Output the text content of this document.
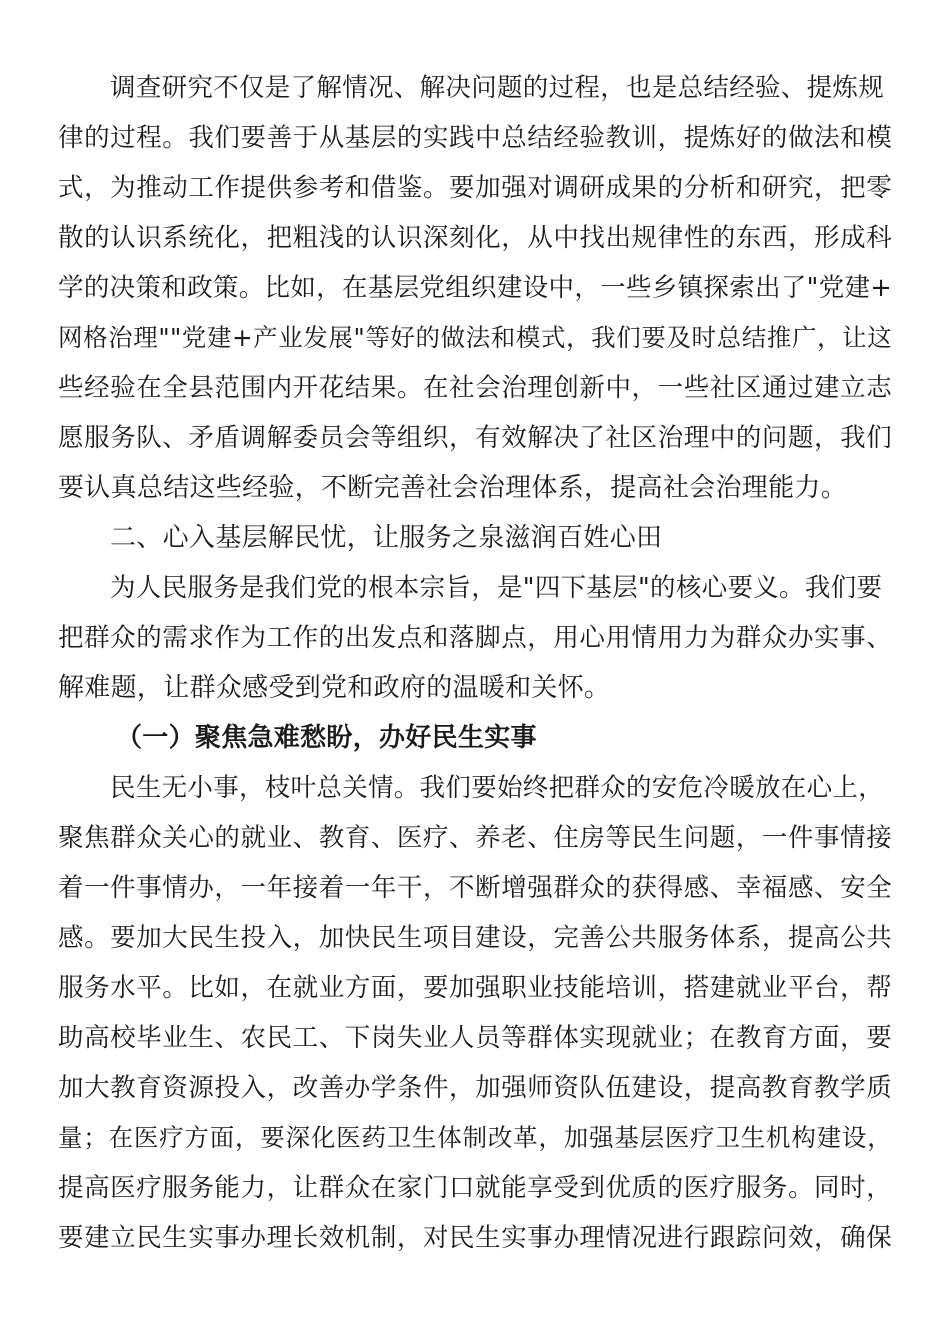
调查研究不仅是了解情况、解决问题的过程，也是总结经验、提炼规
律的过程。我们要善于从基层的实践中总结经验教训，提炼好的做法和模
式，为推动工作提供参考和借鉴。要加强对调研成果的分析和研究，把零
散的认识系统化，把粗浅的认识深刻化，从中找出规律性的东西，形成科
学的决策和政策。比如，在基层党组织建设中，一些乡镇探索出了"党建+
网格治理""党建+产业发展"等好的做法和模式，我们要及时总结推广，让这
些经验在全县范围内开花结果。在社会治理创新中，一些社区通过建立志
愿服务队、矛盾调解委员会等组织，有效解决了社区治理中的问题，我们
要认真总结这些经验，不断完善社会治理体系，提高社会治理能力。
二、心入基层解民忧，让服务之泉滋润百姓心田
为人民服务是我们党的根本宗旨，是"四下基层"的核心要义。我们要
把群众的需求作为工作的出发点和落脚点，用心用情用力为群众办实事、
解难题，让群众感受到党和政府的温暖和关怀。
（一）聚焦急难愁盼，办好民生实事
民生无小事，枝叶总关情。我们要始终把群众的安危冷暖放在心上，
聚焦群众关心的就业、教育、医疗、养老、住房等民生问题，一件事情接
着一件事情办，一年接着一年干，不断增强群众的获得感、幸福感、安全
感。要加大民生投入，加快民生项目建设，完善公共服务体系，提高公共
服务水平。比如，在就业方面，要加强职业技能培训，搭建就业平台，帮
助高校毕业生、农民工、下岗失业人员等群体实现就业；在教育方面，要
加大教育资源投入，改善办学条件，加强师资队伍建设，提高教育教学质
量；在医疗方面，要深化医药卫生体制改革，加强基层医疗卫生机构建设，
提高医疗服务能力，让群众在家门口就能享受到优质的医疗服务。同时，
要建立民生实事办理长效机制，对民生实事办理情况进行跟踪问效，确保
